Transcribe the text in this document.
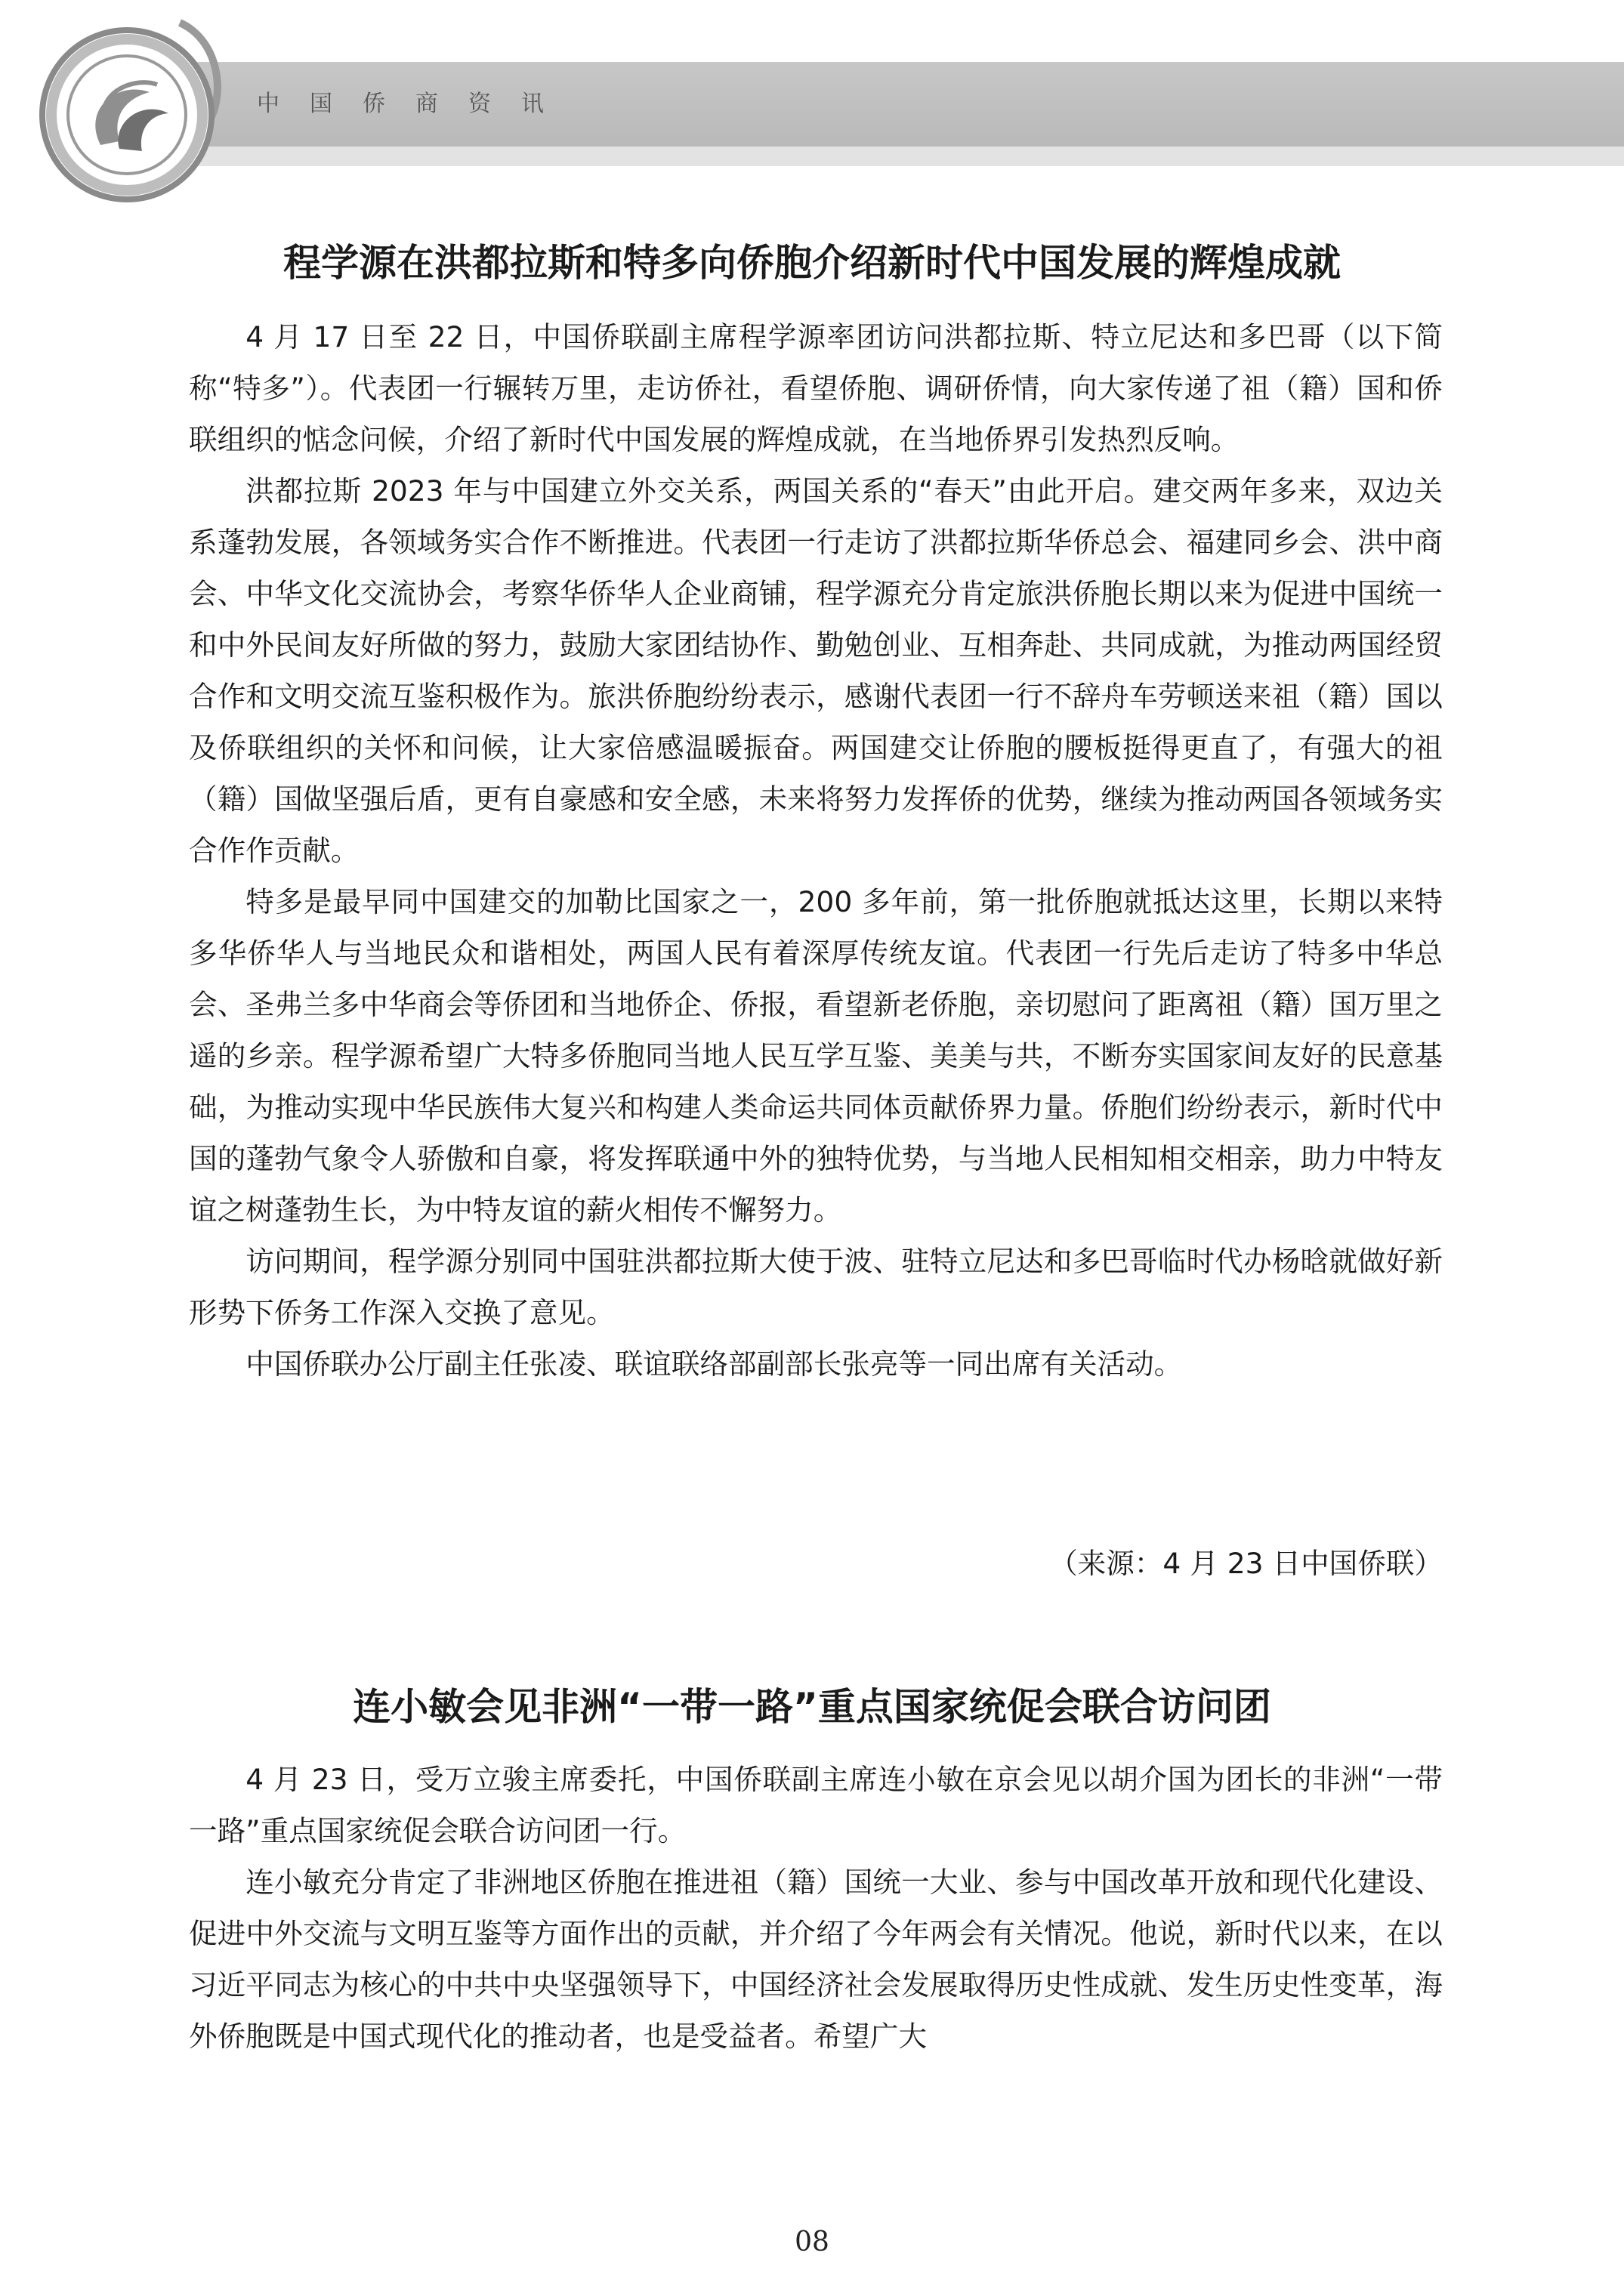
中国侨商资讯
程学源在洪都拉斯和特多向侨胞介绍新时代中国发展的辉煌成就

4 月 17 日至 22 日，中国侨联副主席程学源率团访问洪都拉斯、特立尼达和多巴哥（以下简称“特多”）。代表团一行辗转万里，走访侨社，看望侨胞、调研侨情，向大家传递了祖（籍）国和侨联组织的惦念问候，介绍了新时代中国发展的辉煌成就，在当地侨界引发热烈反响。

洪都拉斯 2023 年与中国建立外交关系，两国关系的“春天”由此开启。建交两年多来，双边关系蓬勃发展，各领域务实合作不断推进。代表团一行走访了洪都拉斯华侨总会、福建同乡会、洪中商会、中华文化交流协会，考察华侨华人企业商铺，程学源充分肯定旅洪侨胞长期以来为促进中国统一和中外民间友好所做的努力，鼓励大家团结协作、勤勉创业、互相奔赴、共同成就，为推动两国经贸合作和文明交流互鉴积极作为。旅洪侨胞纷纷表示，感谢代表团一行不辞舟车劳顿送来祖（籍）国以及侨联组织的关怀和问候，让大家倍感温暖振奋。两国建交让侨胞的腰板挺得更直了，有强大的祖（籍）国做坚强后盾，更有自豪感和安全感，未来将努力发挥侨的优势，继续为推动两国各领域务实合作作贡献。

特多是最早同中国建交的加勒比国家之一，200 多年前，第一批侨胞就抵达这里，长期以来特多华侨华人与当地民众和谐相处，两国人民有着深厚传统友谊。代表团一行先后走访了特多中华总会、圣弗兰多中华商会等侨团和当地侨企、侨报，看望新老侨胞，亲切慰问了距离祖（籍）国万里之遥的乡亲。程学源希望广大特多侨胞同当地人民互学互鉴、美美与共，不断夯实国家间友好的民意基础，为推动实现中华民族伟大复兴和构建人类命运共同体贡献侨界力量。侨胞们纷纷表示，新时代中国的蓬勃气象令人骄傲和自豪，将发挥联通中外的独特优势，与当地人民相知相交相亲，助力中特友谊之树蓬勃生长，为中特友谊的薪火相传不懈努力。

访问期间，程学源分别同中国驻洪都拉斯大使于波、驻特立尼达和多巴哥临时代办杨晗就做好新形势下侨务工作深入交换了意见。

中国侨联办公厅副主任张凌、联谊联络部副部长张亮等一同出席有关活动。

（来源：4 月 23 日中国侨联）
连小敏会见非洲“一带一路”重点国家统促会联合访问团

4 月 23 日，受万立骏主席委托，中国侨联副主席连小敏在京会见以胡介国为团长的非洲“一带一路”重点国家统促会联合访问团一行。

连小敏充分肯定了非洲地区侨胞在推进祖（籍）国统一大业、参与中国改革开放和现代化建设、促进中外交流与文明互鉴等方面作出的贡献，并介绍了今年两会有关情况。他说，新时代以来，在以习近平同志为核心的中共中央坚强领导下，中国经济社会发展取得历史性成就、发生历史性变革，海外侨胞既是中国式现代化的推动者，也是受益者。希望广大

08
